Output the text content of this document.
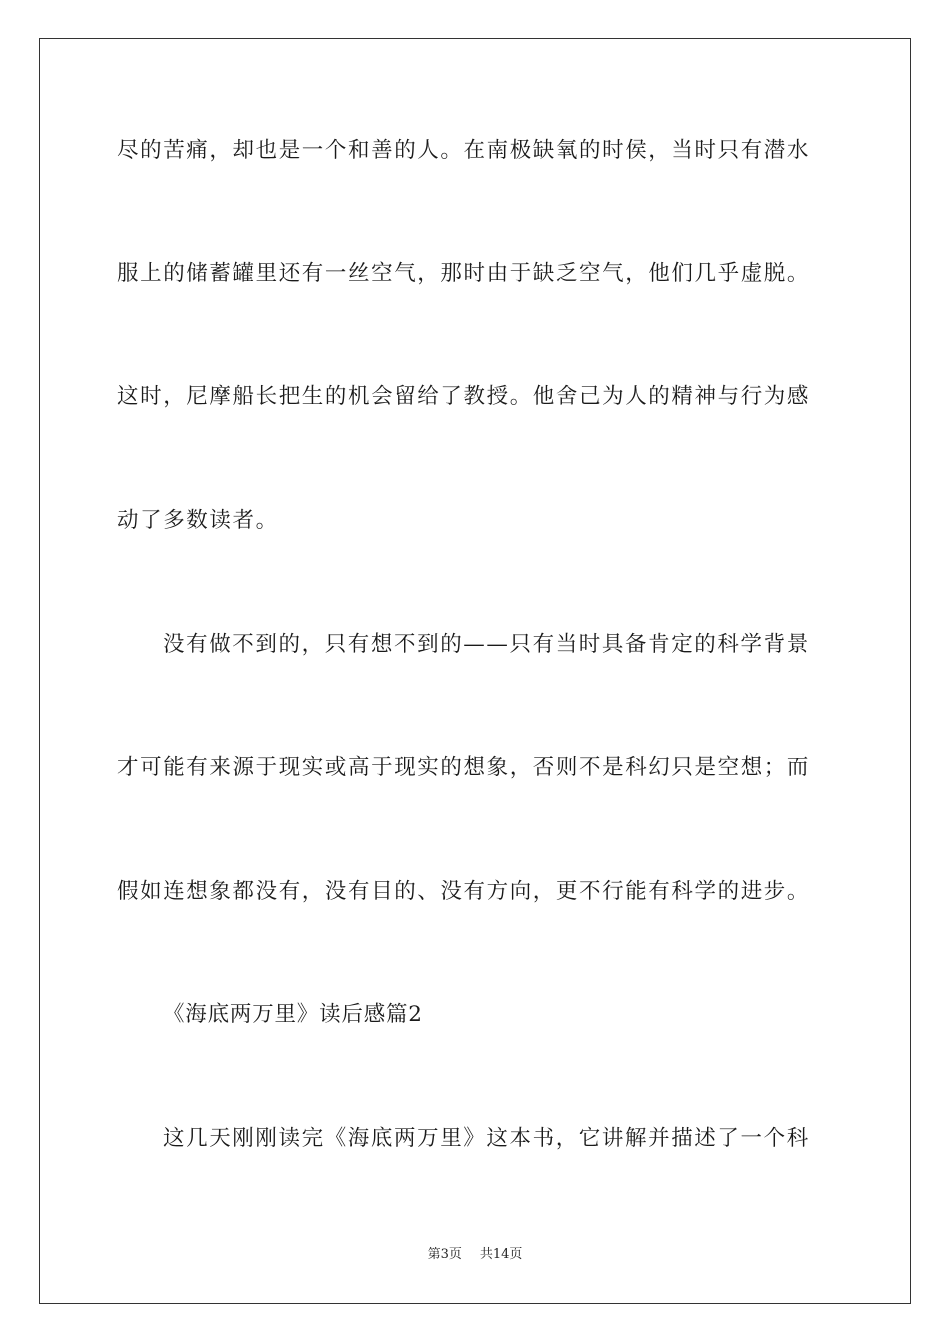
尽的苦痛，却也是一个和善的人。在南极缺氧的时侯，当时只有潜水
服上的储蓄罐里还有一丝空气，那时由于缺乏空气，他们几乎虚脱。
这时，尼摩船长把生的机会留给了教授。他舍己为人的精神与行为感
动了多数读者。
没有做不到的，只有想不到的——只有当时具备肯定的科学背景
才可能有来源于现实或高于现实的想象，否则不是科幻只是空想；而
假如连想象都没有，没有目的、没有方向，更不行能有科学的进步。
《海底两万里》读后感篇2
这几天刚刚读完《海底两万里》这本书，它讲解并描述了一个科
第3页 共14页
